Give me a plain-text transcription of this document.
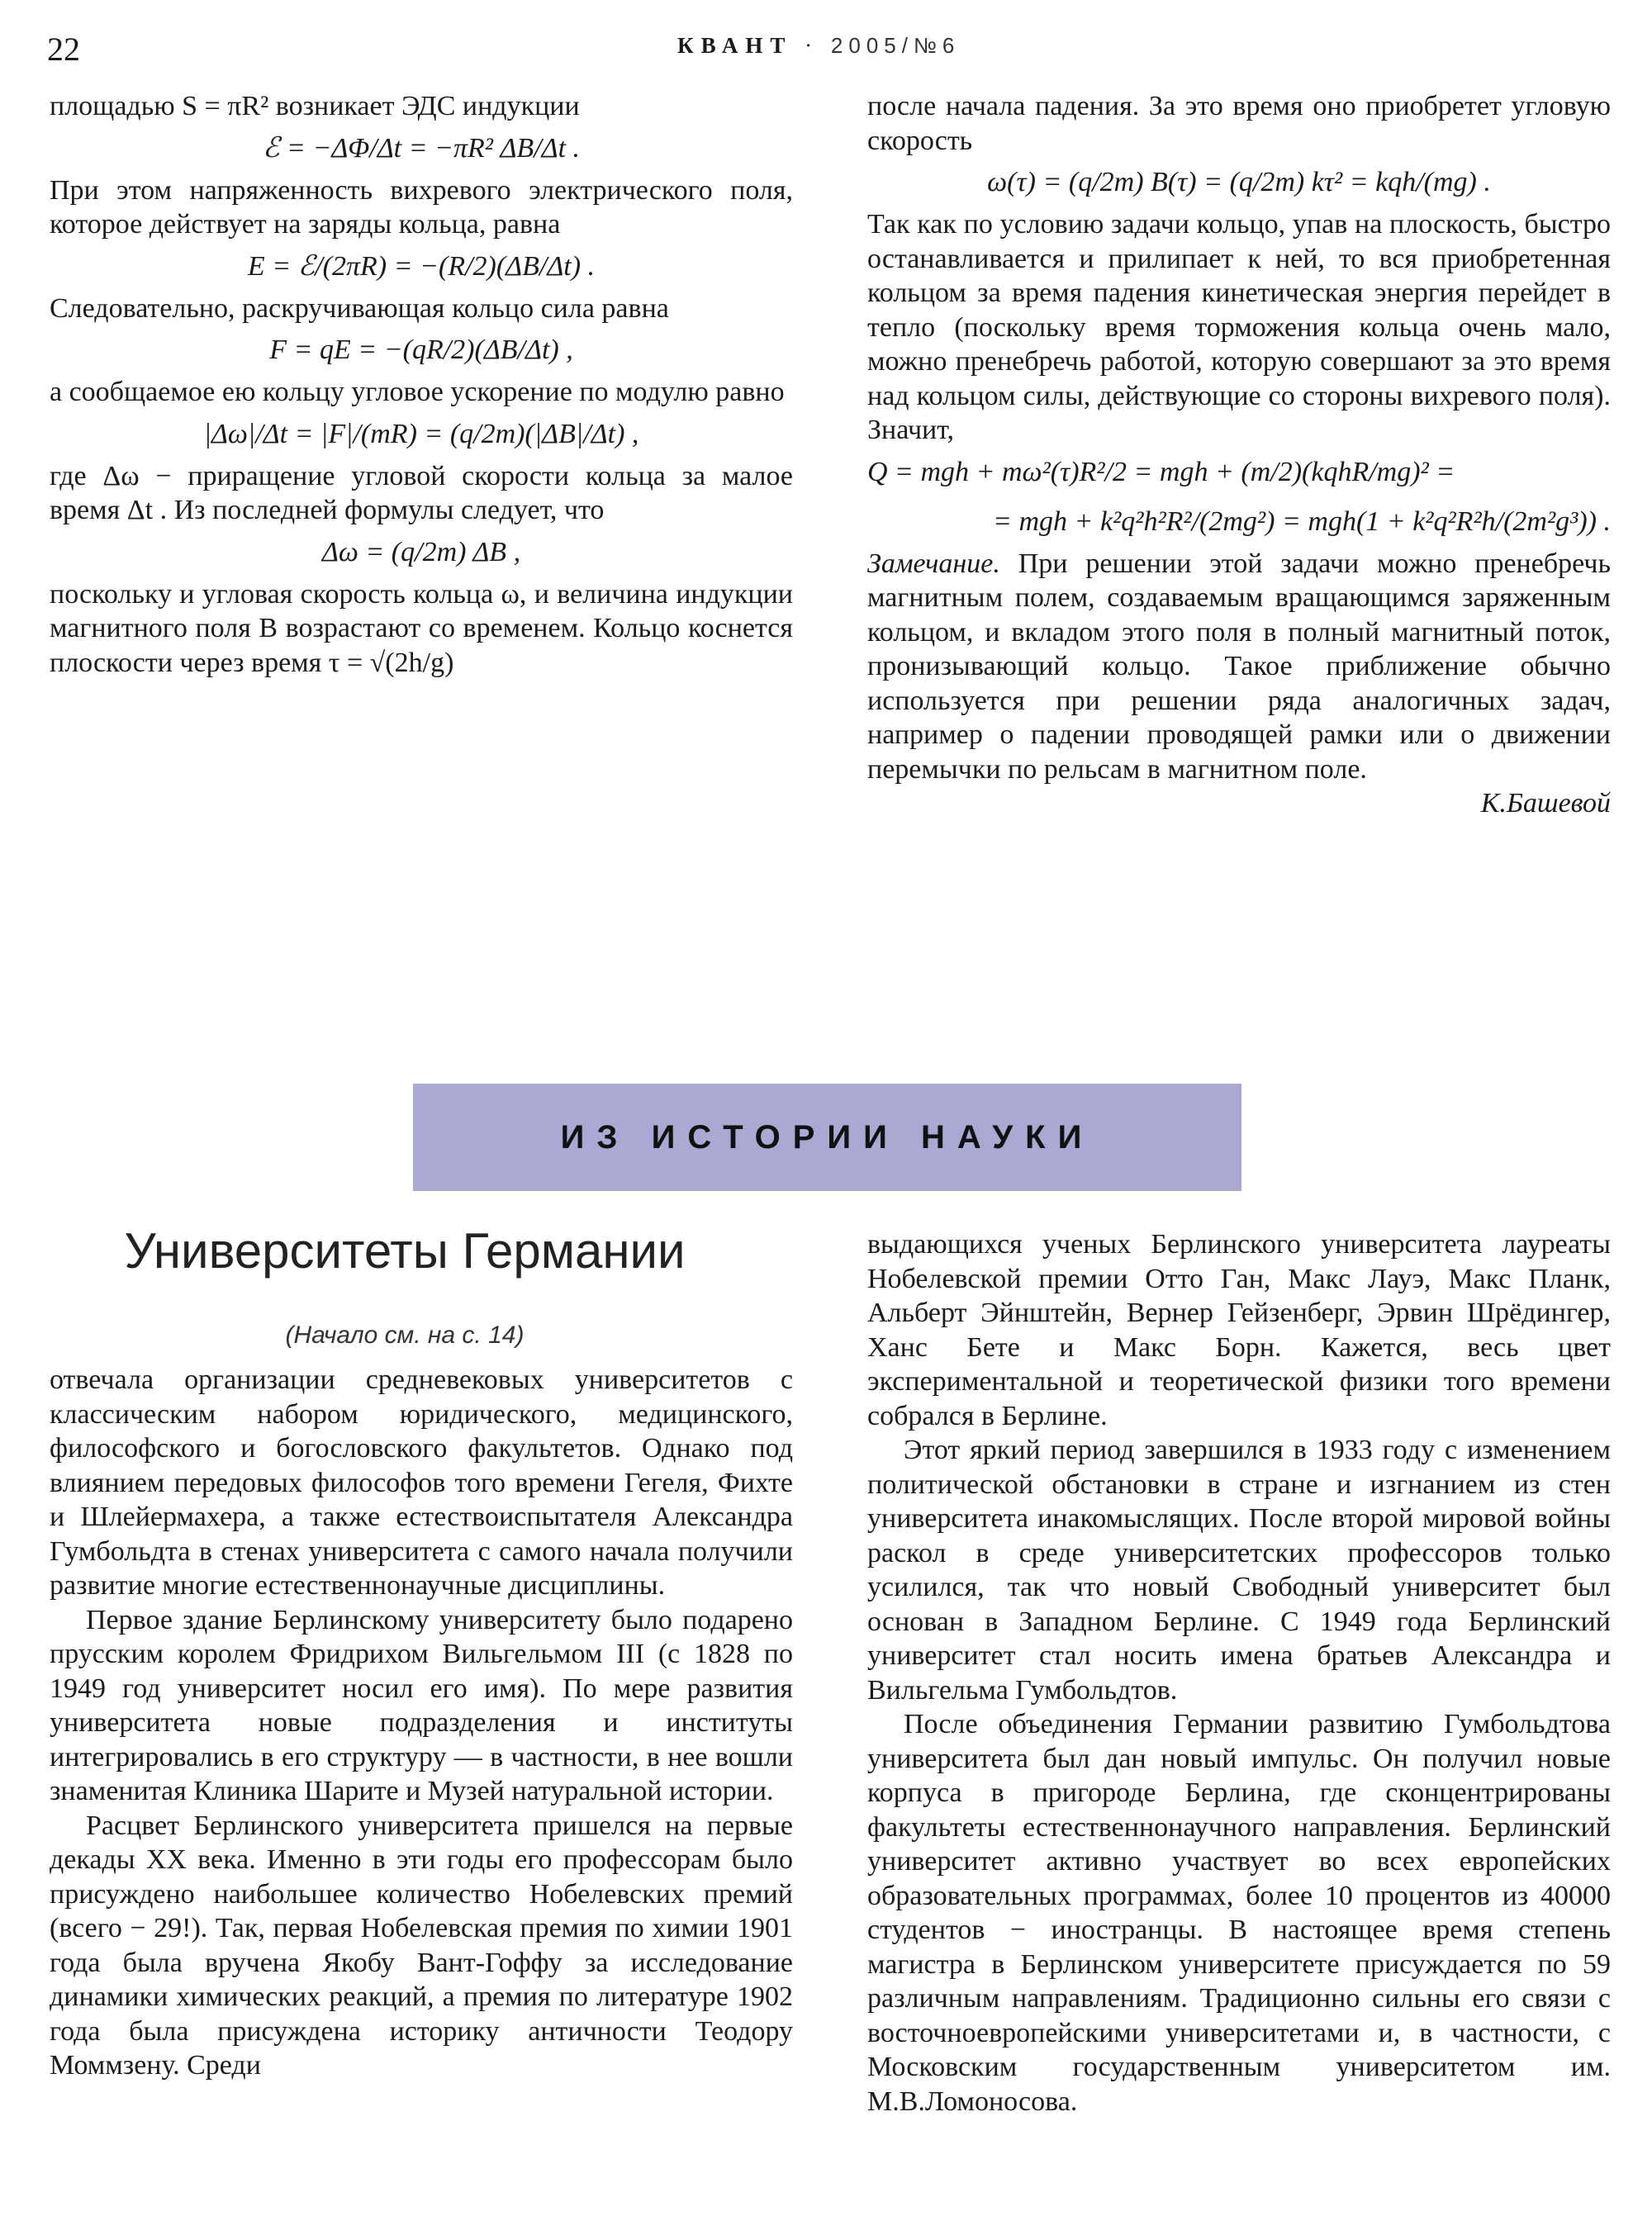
22	КВАНТ · 2005/№6

площадью S = πR² возникает ЭДС индукции

ℰ = −ΔΦ/Δt = −πR² ΔB/Δt .

При этом напряженность вихревого электрического поля, которое действует на заряды кольца, равна

E = ℰ/(2πR) = −(R/2)(ΔB/Δt) .

Следовательно, раскручивающая кольцо сила равна

F = qE = −(qR/2)(ΔB/Δt) ,

а сообщаемое ею кольцу угловое ускорение по модулю равно

|Δω|/Δt = |F|/(mR) = (q/2m)(|ΔB|/Δt) ,

где Δω − приращение угловой скорости кольца за малое время Δt . Из последней формулы следует, что

Δω = (q/2m) ΔB ,

поскольку и угловая скорость кольца ω, и величина индукции магнитного поля B возрастают со временем. Кольцо коснется плоскости через время τ = √(2h/g)

после начала падения. За это время оно приобретет угловую скорость

ω(τ) = (q/2m) B(τ) = (q/2m) kτ² = kqh/(mg) .

Так как по условию задачи кольцо, упав на плоскость, быстро останавливается и прилипает к ней, то вся приобретенная кольцом за время падения кинетическая энергия перейдет в тепло (поскольку время торможения кольца очень мало, можно пренебречь работой, которую совершают за это время над кольцом силы, действующие со стороны вихревого поля). Значит,

Q = mgh + mω²(τ)R²/2 = mgh + (m/2)(kqhR/mg)² =

= mgh + k²q²h²R²/(2mg²) = mgh(1 + k²q²R²h/(2m²g³)) .

Замечание. При решении этой задачи можно пренебречь магнитным полем, создаваемым вращающимся заряженным кольцом, и вкладом этого поля в полный магнитный поток, пронизывающий кольцо. Такое приближение обычно используется при решении ряда аналогичных задач, например о падении проводящей рамки или о движении перемычки по рельсам в магнитном поле.

К.Башевой

ИЗ ИСТОРИИ НАУКИ
Университеты Германии
(Начало см. на с. 14)

отвечала организации средневековых университетов с классическим набором юридического, медицинского, философского и богословского факультетов. Однако под влиянием передовых философов того времени Гегеля, Фихте и Шлейермахера, а также естествоиспытателя Александра Гумбольдта в стенах университета с самого начала получили развитие многие естественнонаучные дисциплины.

Первое здание Берлинскому университету было подарено прусским королем Фридрихом Вильгельмом III (с 1828 по 1949 год университет носил его имя). По мере развития университета новые подразделения и институты интегрировались в его структуру — в частности, в нее вошли знаменитая Клиника Шарите и Музей натуральной истории.

Расцвет Берлинского университета пришелся на первые декады XX века. Именно в эти годы его профессорам было присуждено наибольшее количество Нобелевских премий (всего − 29!). Так, первая Нобелевская премия по химии 1901 года была вручена Якобу Вант-Гоффу за исследование динамики химических реакций, а премия по литературе 1902 года была присуждена историку античности Теодору Моммзену. Среди

выдающихся ученых Берлинского университета лауреаты Нобелевской премии Отто Ган, Макс Лауэ, Макс Планк, Альберт Эйнштейн, Вернер Гейзенберг, Эрвин Шрёдингер, Ханс Бете и Макс Борн. Кажется, весь цвет экспериментальной и теоретической физики того времени собрался в Берлине.

Этот яркий период завершился в 1933 году с изменением политической обстановки в стране и изгнанием из стен университета инакомыслящих. После второй мировой войны раскол в среде университетских профессоров только усилился, так что новый Свободный университет был основан в Западном Берлине. С 1949 года Берлинский университет стал носить имена братьев Александра и Вильгельма Гумбольдтов.

После объединения Германии развитию Гумбольдтова университета был дан новый импульс. Он получил новые корпуса в пригороде Берлина, где сконцентрированы факультеты естественнонаучного направления. Берлинский университет активно участвует во всех европейских образовательных программах, более 10 процентов из 40000 студентов − иностранцы. В настоящее время степень магистра в Берлинском университете присуждается по 59 различным направлениям. Традиционно сильны его связи с восточноевропейскими университетами и, в частности, с Московским государственным университетом им. М.В.Ломоносова.
